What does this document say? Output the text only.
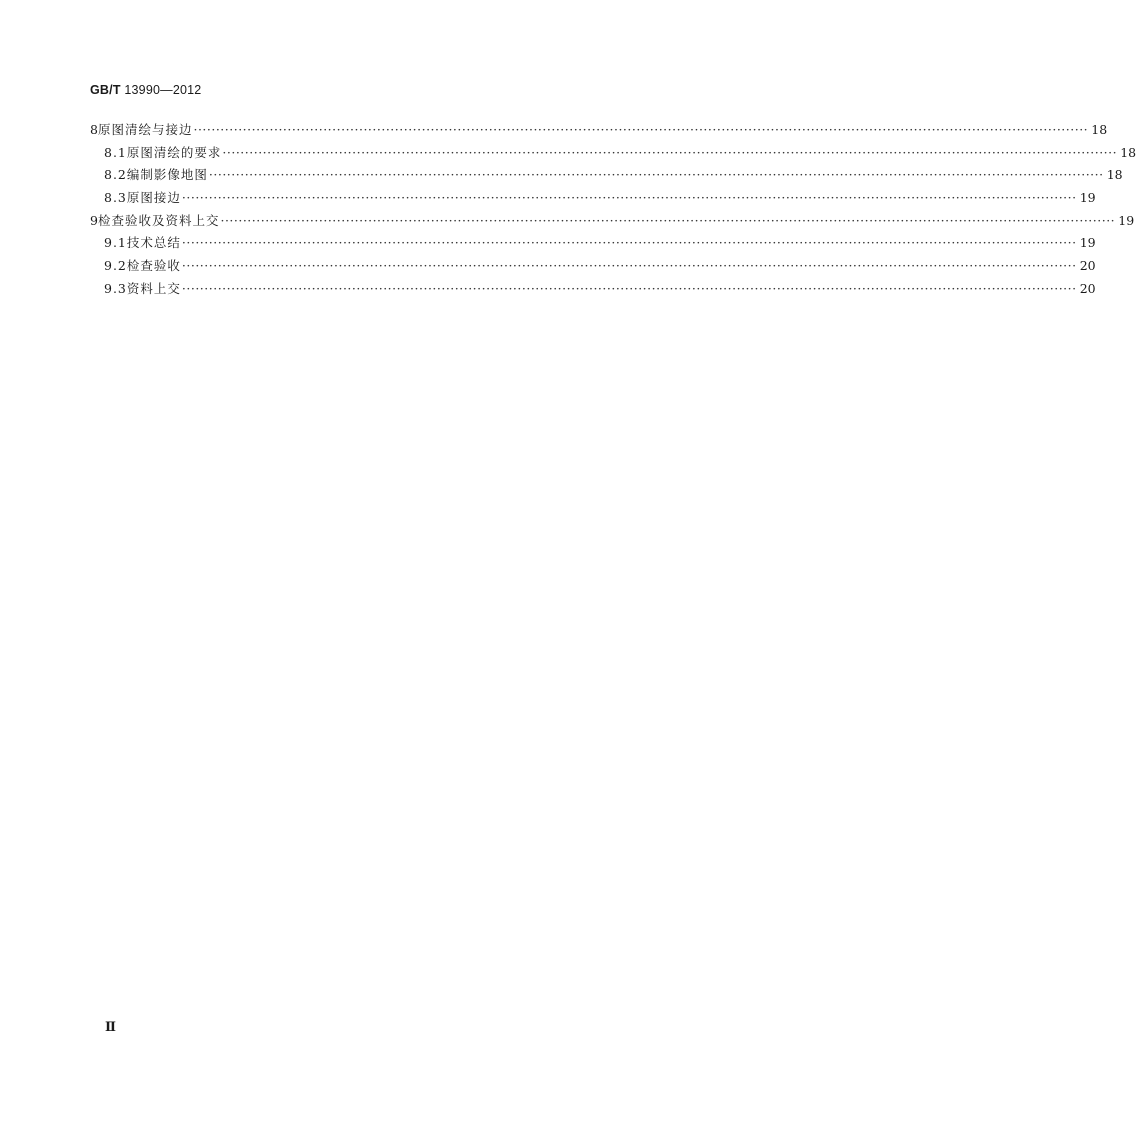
GB/T 13990—2012
8 原图清绘与接边 ········································································································································································································ 18
8.1 原图清绘的要求 ········································································································································································································ 18
8.2 编制影像地图 ········································································································································································································ 18
8.3 原图接边 ········································································································································································································ 19
9 检查验收及资料上交 ········································································································································································································ 19
9.1 技术总结 ········································································································································································································ 19
9.2 检查验收 ········································································································································································································ 20
9.3 资料上交 ········································································································································································································ 20
Ⅱ
